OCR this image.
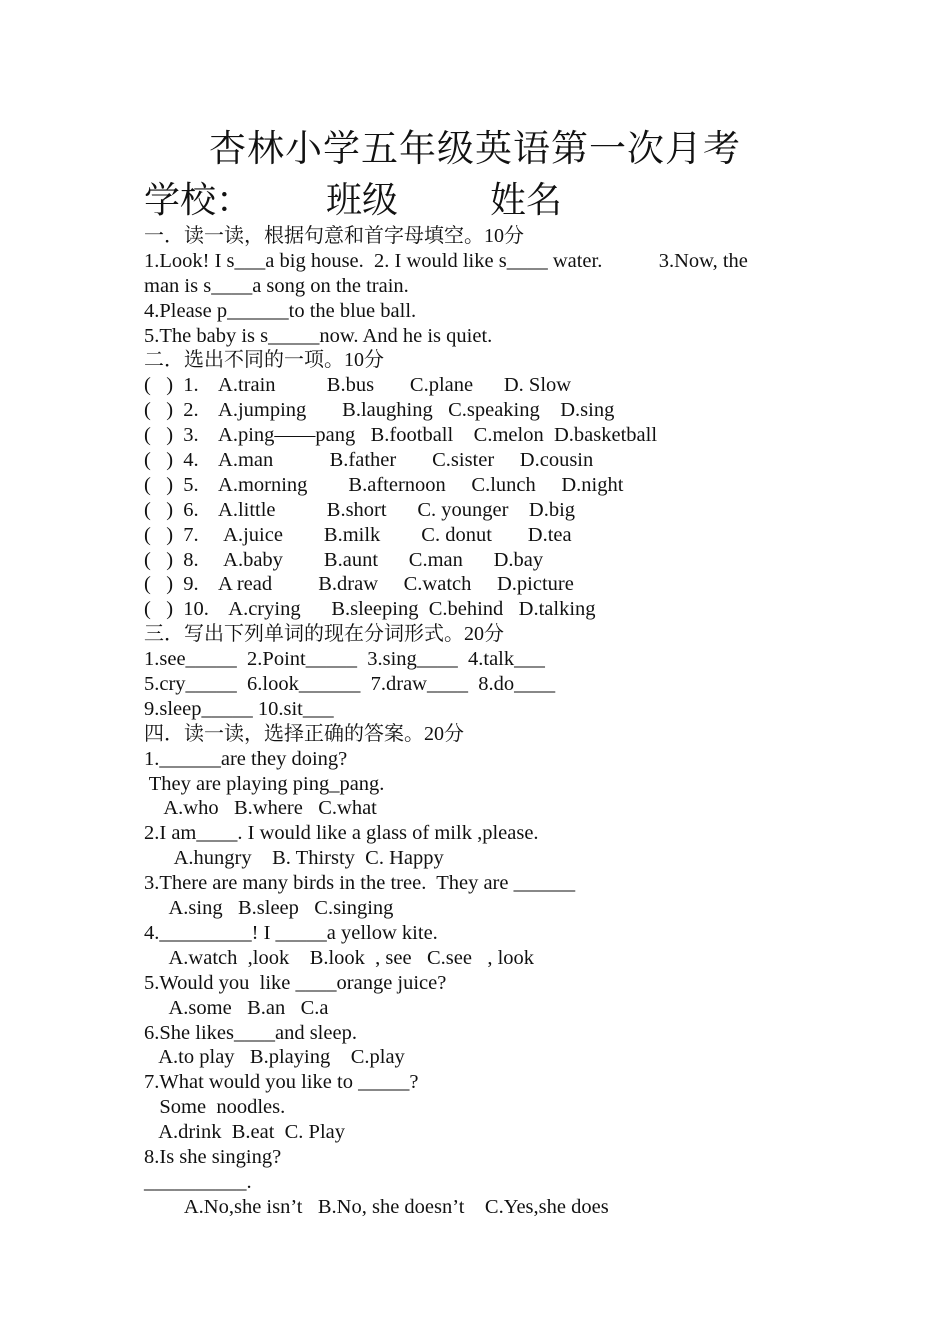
杏林小学五年级英语第一次月考
学校： 班级	姓名
一．读一读，根据句意和首字母填空。10分
1.Look! I s___a big house.  2. I would like s____ water.           3.Now, the
man is s____a song on the train.
4.Please p______to the blue ball.
5.The baby is s_____now. And he is quiet.
二．选出不同的一项。10分
(   )  1.    A.train          B.bus       C.plane      D. Slow
(   )  2.    A.jumping       B.laughing   C.speaking    D.sing
(   )  3.    A.ping——pang   B.football    C.melon  D.basketball
(   )  4.    A.man           B.father       C.sister     D.cousin
(   )  5.    A.morning        B.afternoon     C.lunch     D.night
(   )  6.    A.little          B.short      C. younger    D.big
(   )  7.     A.juice        B.milk        C. donut       D.tea
(   )  8.     A.baby        B.aunt      C.man      D.bay
(   )  9.    A read         B.draw     C.watch     D.picture
(   )  10.    A.crying      B.sleeping  C.behind   D.talking
三．写出下列单词的现在分词形式。20分
1.see_____  2.Point_____  3.sing____  4.talk___
5.cry_____  6.look______  7.draw____  8.do____
9.sleep_____ 10.sit___
四．读一读，选择正确的答案。20分
1.______are they doing?
They are playing ping_pang.
A.who   B.where   C.what
2.I am____. I would like a glass of milk ,please.
A.hungry    B. Thirsty  C. Happy
3.There are many birds in the tree.  They are ______
A.sing   B.sleep   C.singing
4._________! I _____a yellow kite.
A.watch  ,look    B.look  , see   C.see   , look
5.Would you  like ____orange juice?
A.some   B.an   C.a
6.She likes____and sleep.
A.to play   B.playing    C.play
7.What would you like to _____?
Some  noodles.
A.drink  B.eat  C. Play
8.Is she singing?
__________.
A.No,she isn’t   B.No, she doesn’t    C.Yes,she does
